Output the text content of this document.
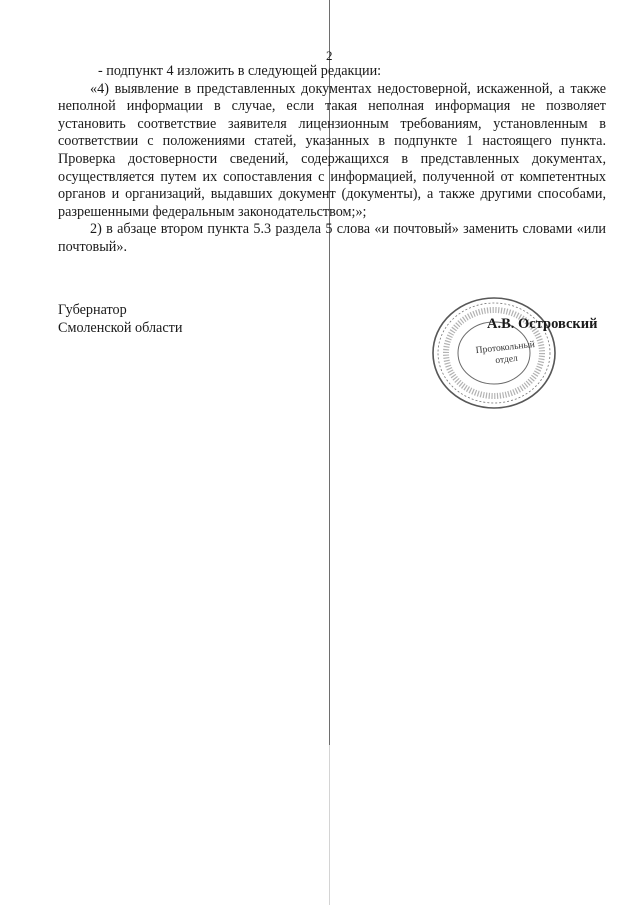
2

- подпункт 4 изложить в следующей редакции:

«4) выявление в представленных документах недостоверной, искаженной, а также неполной информации в случае, если такая неполная информация не позволяет установить соответствие заявителя лицензионным требованиям, установленным в соответствии с положениями статей, указанных в подпункте 1 настоящего пункта. Проверка достоверности сведений, содержащихся в представленных документах, осуществляется путем их сопоставления с информацией, полученной от компетентных органов и организаций, выдавших документ (документы), а также другими способами, разрешенными федеральным законодательством;»;

2) в абзаце втором пункта 5.3 раздела 5 слова «и почтовый» заменить словами «или почтовый».

Губернатор
Смоленской области
Протокольный
отдел
А.В. Островский
